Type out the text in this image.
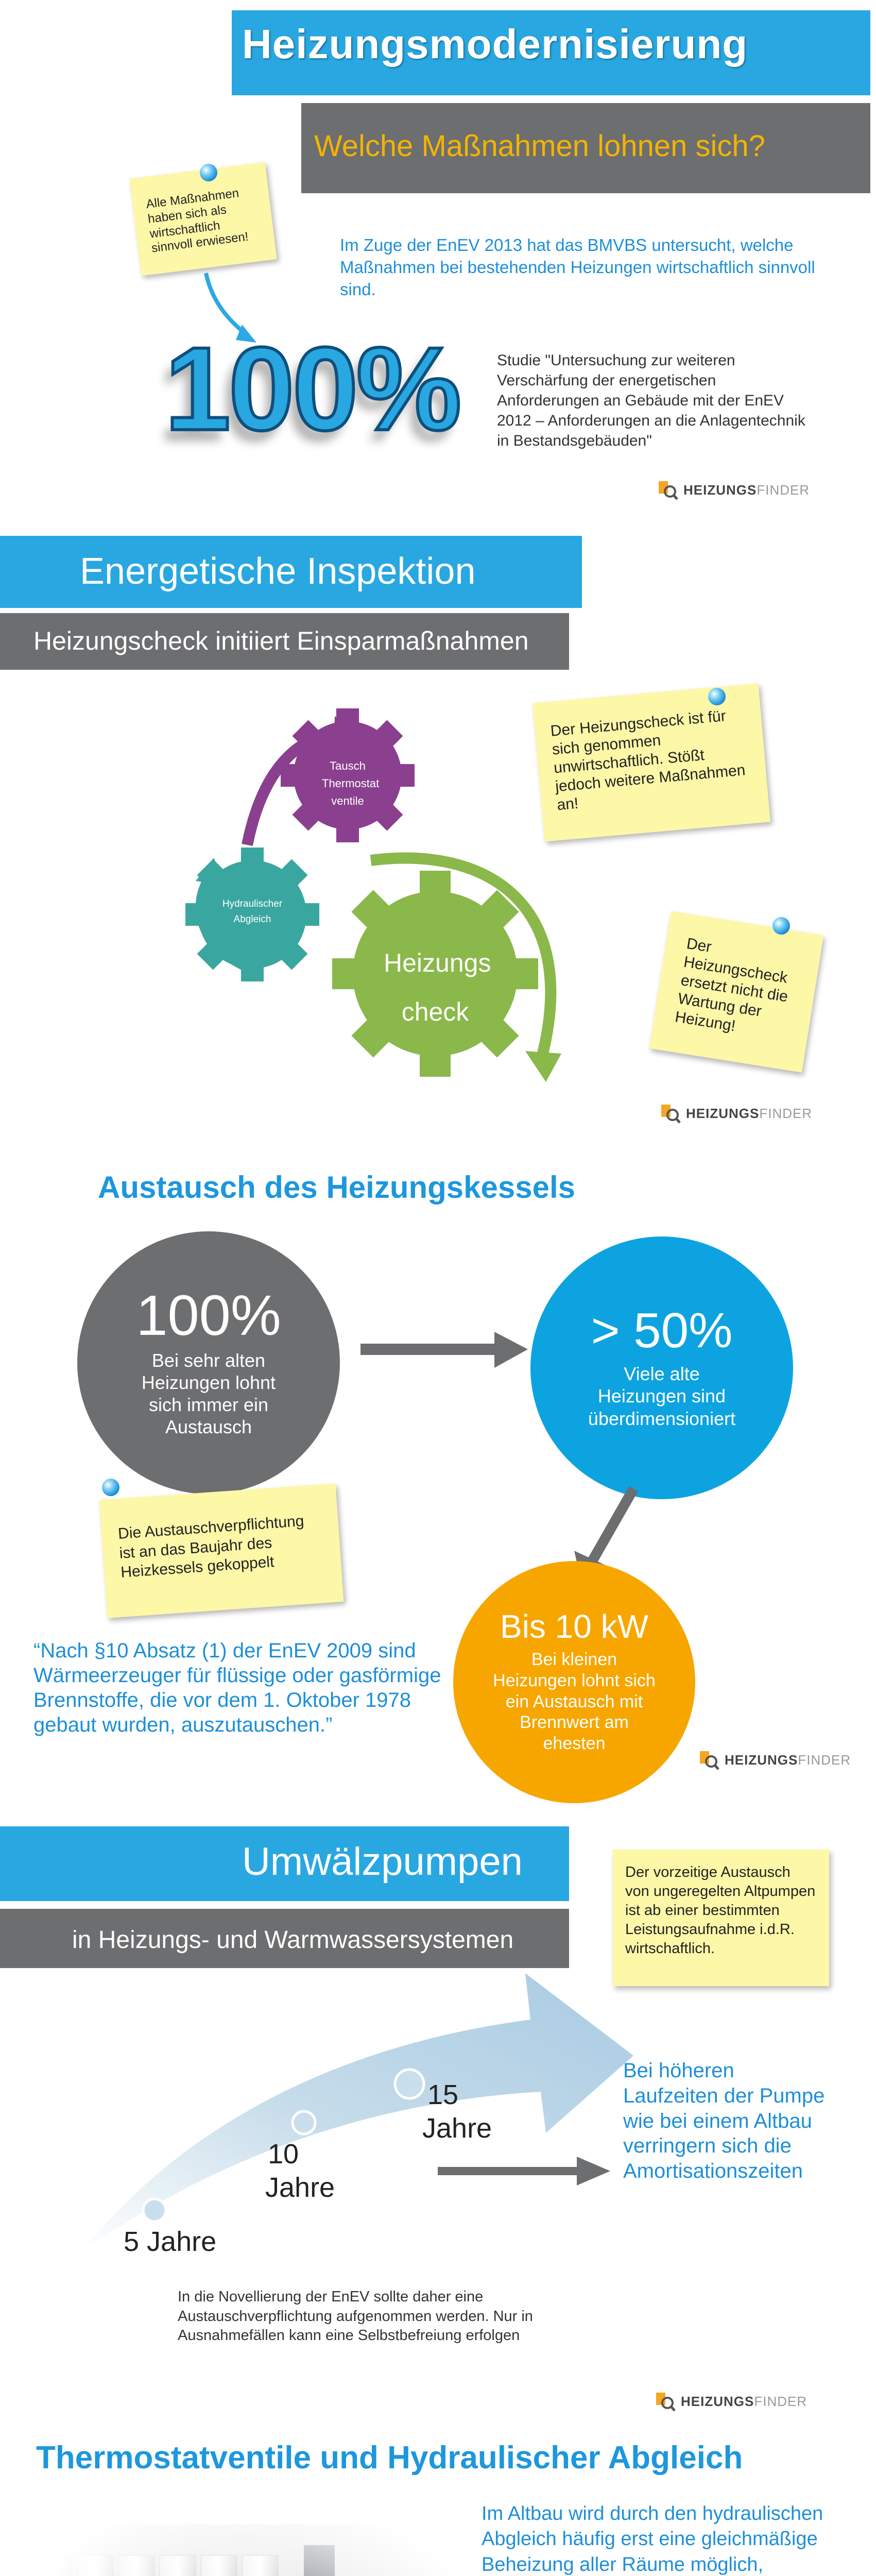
Heizungsmodernisierung
Welche Maßnahmen lohnen sich?
Alle Maßnahmen haben sich als wirtschaftlich sinnvoll erwiesen!	Im Zuge der EnEV 2013 hat das BMVBS untersucht, welche Maßnahmen bei bestehenden Heizungen wirtschaftlich sinnvoll sind.
100% Studie "Untersuchung zur weiteren Verschärfung der energetischen Anforderungen an Gebäude mit der EnEV 2012 – Anforderungen an die Anlagentechnik in Bestandsgebäuden"
HEIZUNGS FINDER
Energetische Inspektion
Heizungscheck initiiert Einsparmaßnahmen
Tausch Thermostat ventile
Hydraulischer Abgleich
Heizungs
check
Der Heizungscheck ist für sich genommen unwirtschaftlich. Stößt jedoch weitere Maßnahmen an!
Der Heizungscheck ersetzt nicht die Wartung der Heizung!
HEIZUNGS FINDER
Austausch des Heizungskessels
100%
Bei sehr alten Heizungen lohnt sich immer ein Austausch
> 50%
Viele alte Heizungen sind überdimensioniert
Bis 10 kW
Bei kleinen Heizungen lohnt sich ein Austausch mit Brennwert am ehesten
Die Austauschverpflichtung ist an das Baujahr des Heizkessels gekoppelt
“Nach §10 Absatz (1) der EnEV 2009 sind Wärmeerzeuger für flüssige oder gasförmige Brennstoffe, die vor dem 1. Oktober 1978 gebaut wurden, auszutauschen.”
HEIZUNGS FINDER
Umwälzpumpen
in Heizungs- und Warmwassersystemen
Der vorzeitige Austausch von ungeregelten Altpumpen ist ab einer bestimmten Leistungsaufnahme i.d.R. wirtschaftlich.
5 Jahre
10
Jahre
15
Jahre
Bei höheren Laufzeiten der Pumpe wie bei einem Altbau verringern sich die Amortisationszeiten
In die Novellierung der EnEV sollte daher eine Austauschverpflichtung aufgenommen werden. Nur in Ausnahmefällen kann eine Selbstbefreiung erfolgen
HEIZUNGS FINDER
Thermostatventile und Hydraulischer Abgleich
Im Altbau wird durch den hydraulischen Abgleich häufig erst eine gleichmäßige Beheizung aller Räume möglich,
